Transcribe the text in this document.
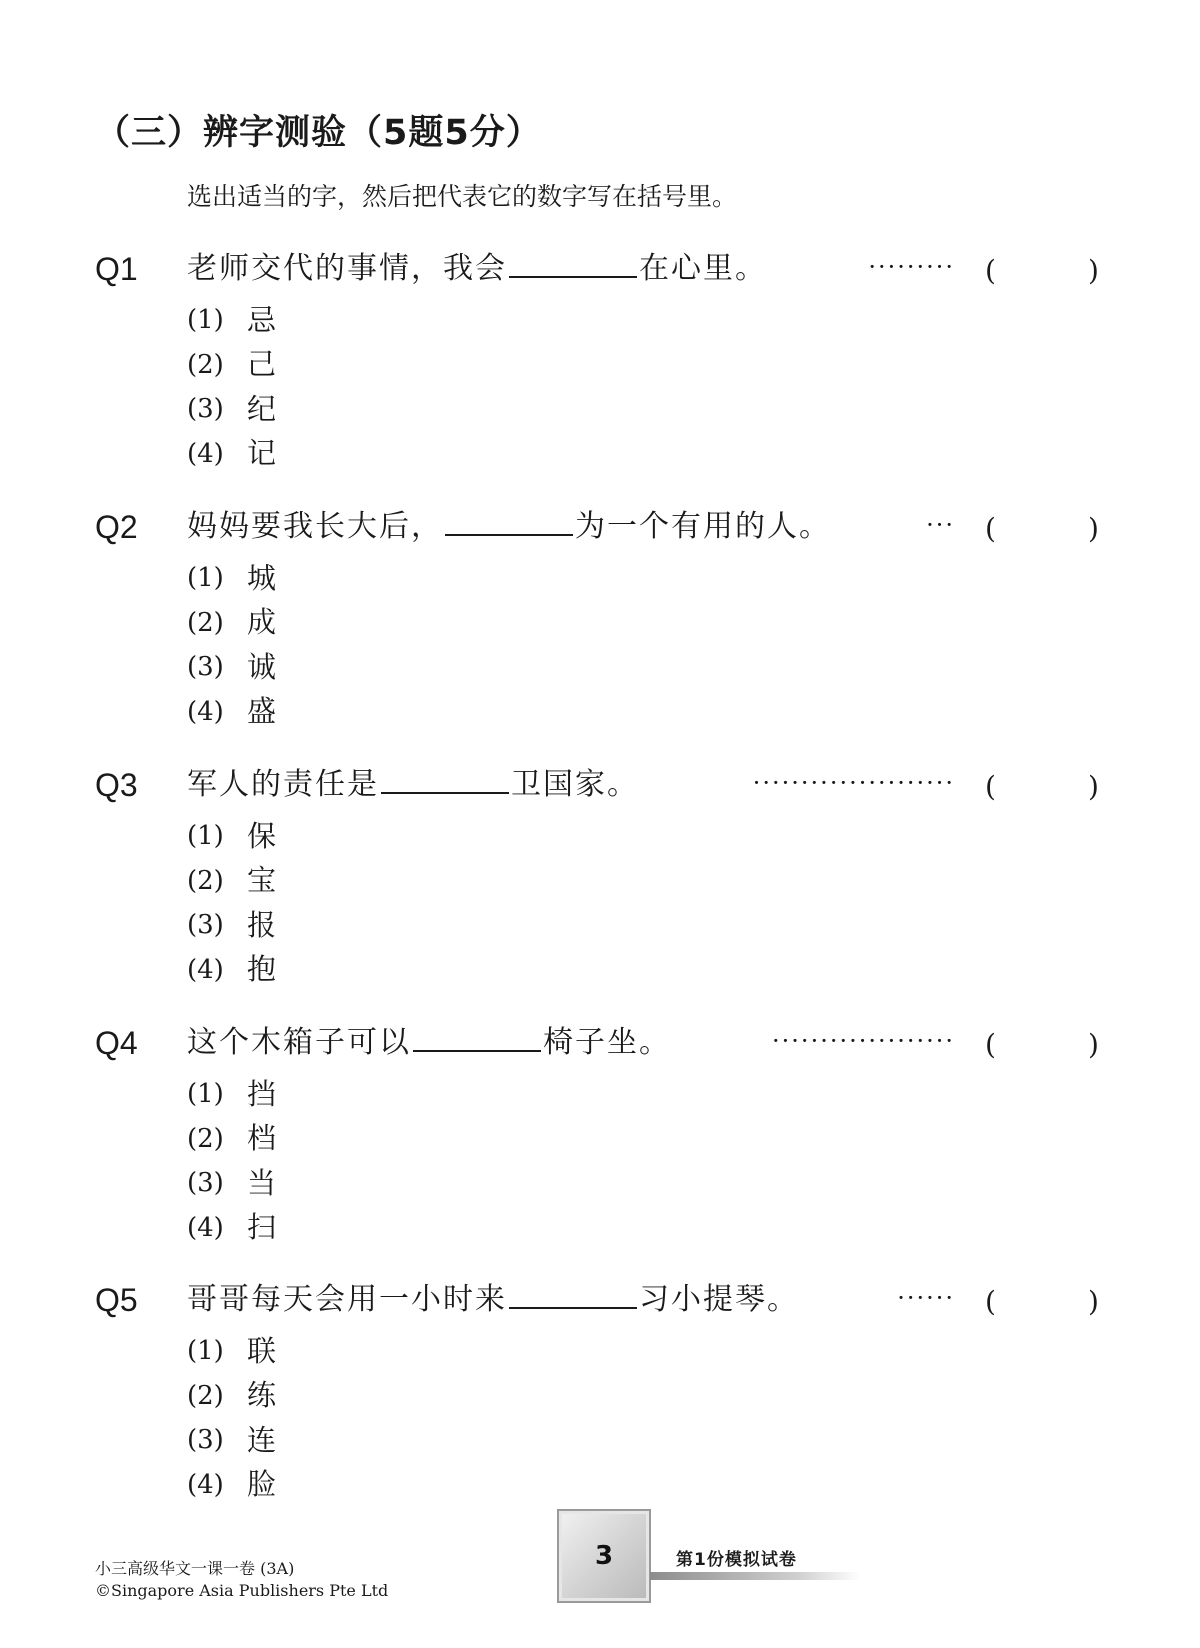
（三）辨字测验（5题5分）
选出适当的字，然后把代表它的数字写在括号里。
Q1 老师交代的事情，我会	在心里。	········· (	)
(1) 忌
(2) 己
(3) 纪
(4) 记
Q2 妈妈要我长大后，	为一个有用的人。	··· (	)
(1) 城
(2) 成
(3) 诚
(4) 盛
Q3 军人的责任是	卫国家。	····················· (	)
(1) 保
(2) 宝
(3) 报
(4) 抱
Q4 这个木箱子可以	椅子坐。	··················· (	)
(1) 挡
(2) 档
(3) 当
(4) 扫
Q5 哥哥每天会用一小时来	习小提琴。	······ (	)
(1) 联
(2) 练
(3) 连
(4) 脸
小三高级华文一课一卷 (3A)
©Singapore Asia Publishers Pte Ltd
3	第1份模拟试卷
